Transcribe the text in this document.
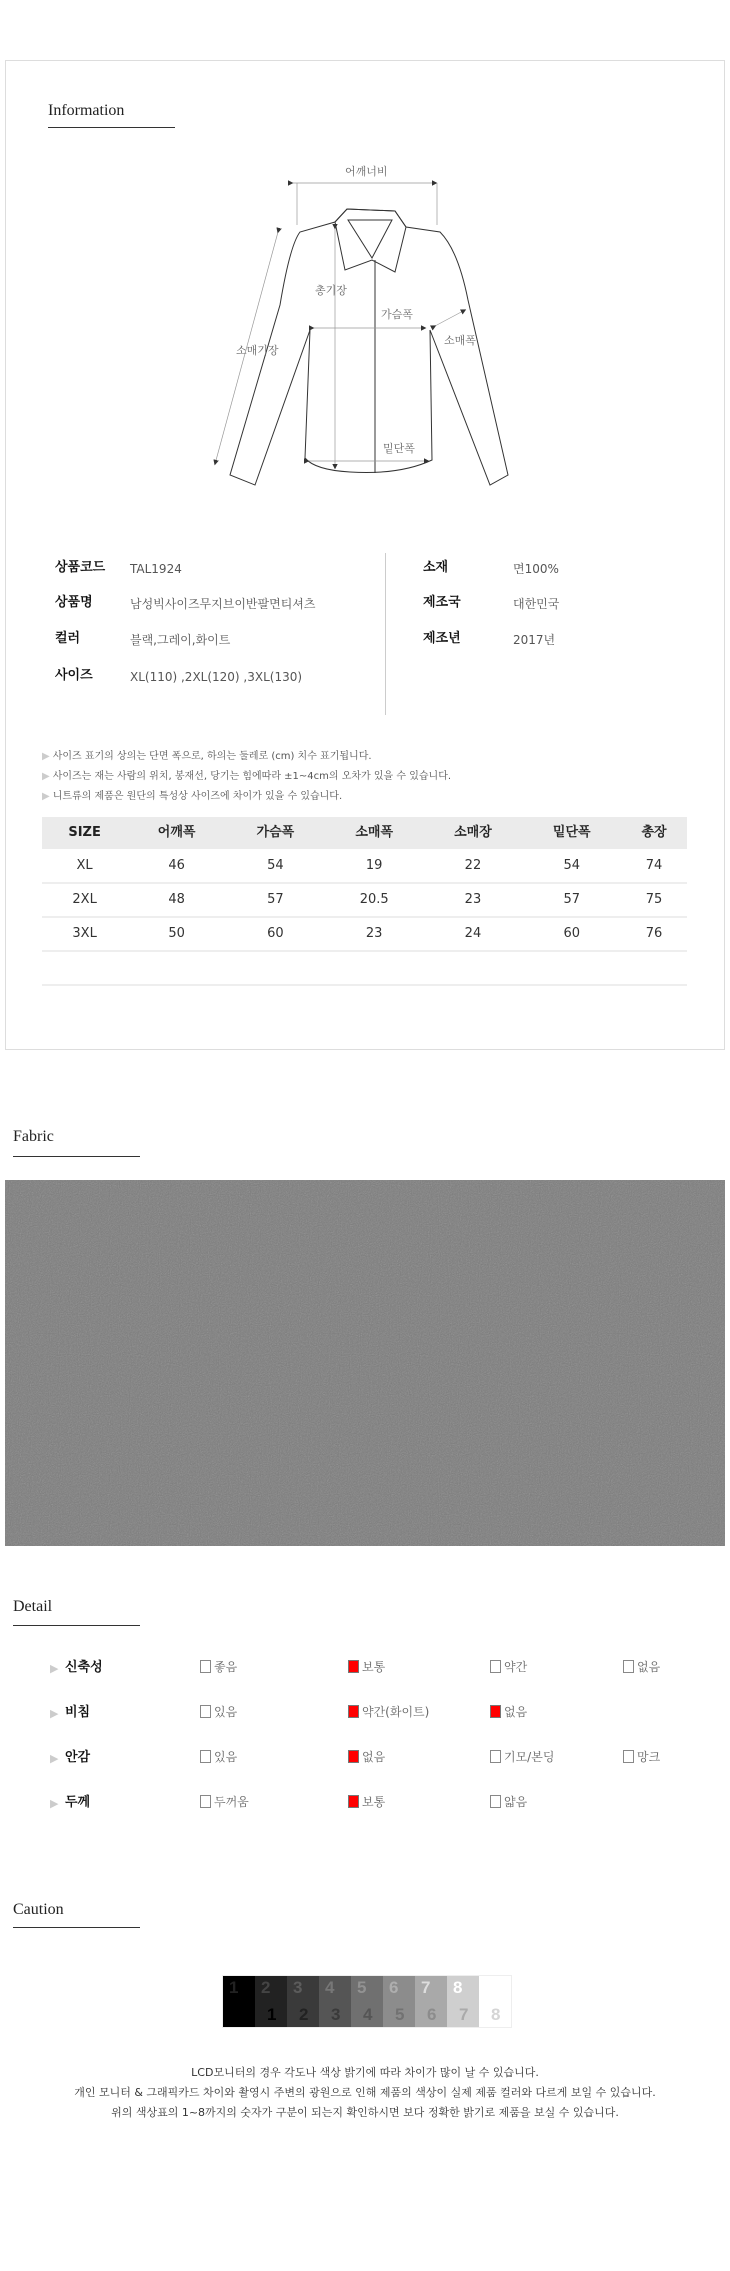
Information
어깨너비
총기장
가슴폭
소매폭
소매기장
밑단폭
상품코드 TAL1924
상품명	남성빅사이즈무지브이반팔면티셔츠
컬러	블랙,그레이,화이트
사이즈	XL(110) ,2XL(120) ,3XL(130)
소재	면100%
제조국	대한민국
제조년	2017년
▶ 사이즈 표기의 상의는 단면 폭으로, 하의는 둘레로 (cm) 치수 표기됩니다.
▶ 사이즈는 재는 사람의 위치, 봉재선, 당기는 힘에따라 ±1~4cm의 오차가 있을 수 있습니다.
▶ 니트류의 제품은 원단의 특성상 사이즈에 차이가 있을 수 있습니다.
SIZE	어깨폭	가슴폭	소매폭	소매장	밑단폭	총장
XL	46	54	19	22	54	74
2XL	48	57	20.5	23	57	75
3XL	50	60	23	24	60	76

Fabric
Detail
▶ 신축성	좋음	보통	약간	없음
▶ 비침	있음	약간(화이트)	없음
▶ 안감	있음	없음	기모/본딩	망크
▶ 두께	두꺼움	보통	얇음
Caution
1 2
1
3
2
4
3
5
4
6
5
7
6
8
7 8
LCD모니터의 경우 각도나 색상 밝기에 따라 차이가 많이 날 수 있습니다.
개인 모니터 & 그래픽카드 차이와 촬영시 주변의 광원으로 인해 제품의 색상이 실제 제품 컬러와 다르게 보일 수 있습니다.
위의 색상표의 1~8까지의 숫자가 구분이 되는지 확인하시면 보다 정확한 밝기로 제품을 보실 수 있습니다.
